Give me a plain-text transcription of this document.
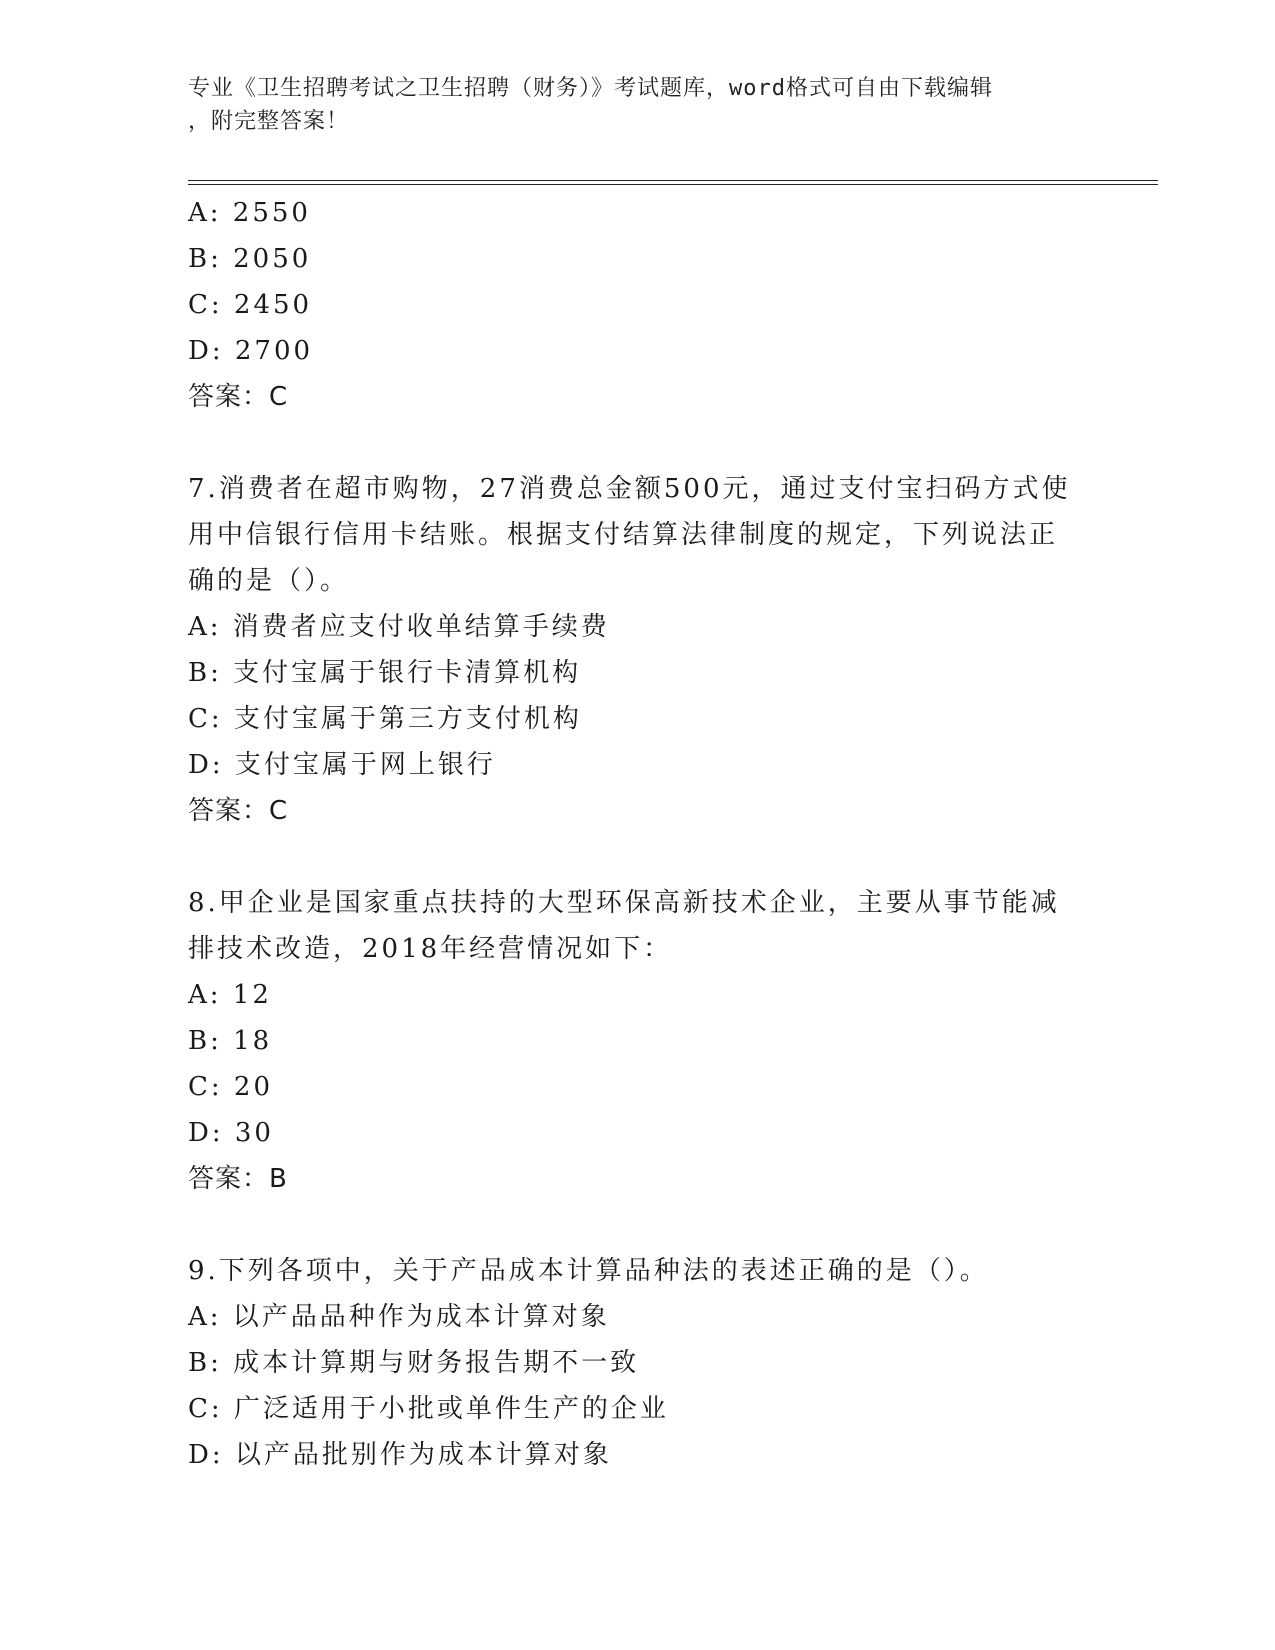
专业《卫生招聘考试之卫生招聘（财务）》考试题库，word格式可自由下载编辑
，附完整答案！
A: 2550
B: 2050
C: 2450
D: 2700
答案：C
7.消费者在超市购物，27消费总金额500元，通过支付宝扫码方式使
用中信银行信用卡结账。根据支付结算法律制度的规定，下列说法正
确的是（）。
A: 消费者应支付收单结算手续费
B: 支付宝属于银行卡清算机构
C: 支付宝属于第三方支付机构
D: 支付宝属于网上银行
答案：C
8.甲企业是国家重点扶持的大型环保高新技术企业，主要从事节能减
排技术改造，2018年经营情况如下：
A: 12
B: 18
C: 20
D: 30
答案：B
9.下列各项中，关于产品成本计算品种法的表述正确的是（）。
A: 以产品品种作为成本计算对象
B: 成本计算期与财务报告期不一致
C: 广泛适用于小批或单件生产的企业
D: 以产品批别作为成本计算对象
